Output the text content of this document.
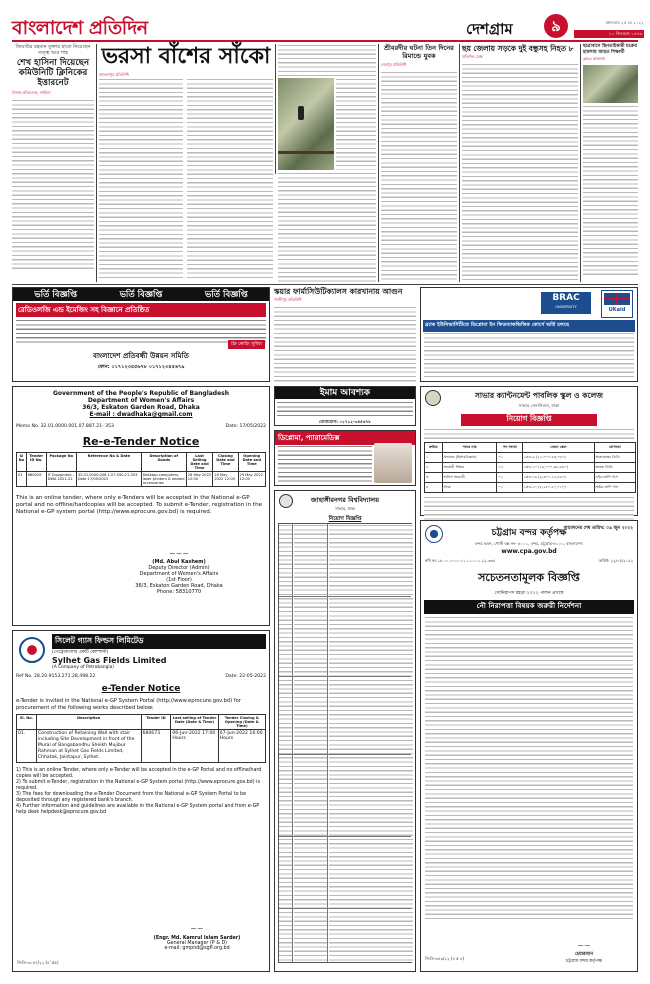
বাংলাদেশ প্রতিদিন	দেশগ্রাম	৯	মঙ্গলবার ২৪ মে ২০২২
১০ জিলহজ ১৪৪৩
জিয়াউর রহমান মুক্তার হাতে নিয়েছেন তত্ত্ব আর শাহ
শেখ হাসিনা দিয়েছেন কমিউনিটি ক্লিনিকের ইত্তারনেট
নিজস্ব প্রতিবেদক, দশমিনা
ভরসা বাঁশের সাঁকো
জামালপুর প্রতিনিধি
শ্রীবরদীর ঘটনা তিন দিনের রিমান্ডে যুবক
শেরপুর প্রতিনিধি
ছয় জেলায় সড়কে দুই বন্ধুসহ নিহত ৮
প্রতিদিন ডেস্ক
ছাত্রাবাসে ছিনতাইকারী চক্রের হামলায় আহত শিক্ষার্থী
কুমিল্লা প্রতিনিধি
ভর্তি বিজ্ঞপ্তি	ভর্তি বিজ্ঞপ্তি	ভর্তি বিজ্ঞপ্তি
রেডিওলজি এন্ড ইমেজিং সহ বিজ্ঞানে প্রতিষ্ঠিত
ফ্রি কোচিং সুবিধা
বাংলাদেশ প্রতিবন্ধী উন্নয়ন সমিতি
ফোন: ০১৭১২৩৪৫৬৭৮ ০১৭১২৩৪৫৬৭৯
স্কয়ার ফার্মাসিউটিক্যালস কারখানায় আগুন
গাজীপুর প্রতিনিধি	BRAC
UNIVERSITY	UKaid
ব্র্যাক ইউনিভার্সিটিতে ডিপ্লোমা ইন ফিডব্যাকভিত্তিক কোর্সে ভর্তি চলছে
Government of the People's Republic of Bangladesh
Department of Women's Affairs
36/3, Eskaton Garden Road, Dhaka
E-mail : dwadhaka@gmail.com
Memo No. 32.01.0000.001.07.887.21- 353	Date: 17/05/2022
Re-e-Tender Notice
Sl No	Tender ID No.	Package No	Reference No & Date	Description of Goods	Last Selling Date and Time	Closing Date and Time	Opening Date and Time
01	680029	IT Equipment -DWA 2021-22	32.01.0000.008.1.07.050.21-353 Date 17/05/2022	Desktop computers, laser printers & related accessories	26 May 2022 12:00	29 May 2022 12:00	29 May 2022 12:00
This is an online tender, where only e-Tenders will be accepted in the National e-GP portal and no offline/hardcopies will be accepted. To submit e-Tender, registration in the National e-GP system portal (http://www.eprocure.gov.bd) is required.
~~~
(Md. Abul Kashem)
Deputy Director (Admin)
Department of Women's Affairs
(1st Floor)
36/3, Eskaton Garden Road, Dhaka
Phone: 58310770
সিলেট গ্যাস ফিল্ডস লিমিটেড
(পেট্রোবাংলার একটি কোম্পানী)
Sylhet Gas Fields Limited
(A Company of Petrobangla)
Ref No. 28.20.9153.271.28.498.22	Date: 22-05-2022
e-Tender Notice
e-Tender is invited in the National e-GP System Portal (http://www.eprocure.gov.bd) for procurement of the following works described below:
Sl. No.	Description	Tender ID	Last selling of Tender Date (Date & Time)	Tender Closing & Opening (Date & Time)
01.	Construction of Retaining Wall with stair including Site Development in front of the Mural of Bangabandhu Sheikh Mujibur Rahman at Sylhet Gas Fields Limited, Chhatak, Jaintapur, Sylhet.	680673	06-Jun-2022 17:00 Hours	07-Jun-2022 16:00 Hours
1) This is an online Tender, where only e-Tender will be accepted in the e-GP Portal and no offline/hard copies will be accepted.
2) To submit e-Tender, registration in the National e-GP System portal (http://www.eprocure.gov.bd) is required.
3) The fees for downloading the e-Tender Document from the National e-GP System Portal to be deposited through any registered bank's branch.
4) Further information and guidelines are available in the National e-GP System portal and from e-GP help desk helpdesk@eprocure.gov.bd
~~
(Engr. Md. Kamrul Islam Sarder)
General Manager (P & D)
e-mail: gmpnd@sgfl.org.bd
জিডি-৩১৫৭/২২ (৪' x৫)
ইমাম আবশ্যক
যোগাযোগ: ০১৭১২-৩৪৫৬৭৮
ডিপ্লোমা, প্যারামেডিক্স
জাহাঙ্গীরনগর বিশ্ববিদ্যালয়
সাভার, ঢাকা
নিয়োগ বিজ্ঞপ্তি
সাভার ক্যান্টনমেন্ট পাবলিক স্কুল ও কলেজ
সাভার সেনানিবাস, ঢাকা
নিয়োগ বিজ্ঞপ্তি
ক্রমিক	পদের নাম	পদ সংখ্যা	বেতন স্কেল	যোগ্যতা
১	প্রভাষক (হিসাববিজ্ঞান)	০১	গ্রেড-৯ (২২,০০০-৫৩,০৬০)	স্নাতকোত্তর ডিগ্রি
২	সহকারী শিক্ষক	০২	গ্রেড-১০ (১৬,০০০-৩৮,৬৪০)	স্নাতক ডিগ্রি
৩	অফিস সহকারী	০১	গ্রেড-১৬ (৯,৩০০-২২,৪৯০)	এইচএসসি পাস
৪	আয়া	০১	গ্রেড-২০ (৮,২৫০-২০,০১০)	অষ্টম শ্রেণি পাস
আবেদনের শেষ তারিখ: ০৯ জুন ২০২২
চট্টগ্রাম বন্দর কর্তৃপক্ষ
বন্দর ভবন, পোস্ট বক্স নং- ৪০০১, বন্দর, চট্টগ্রাম-৪১০০, বাংলাদেশ।
www.cpa.gov.bd
নথি নং-১৮.০০.০০০০.০১.০১.০০১.২২-৩৩৪	তারিখ: ২২/০৫/২০২২
সচেতনতামূলক বিজ্ঞপ্তি
সোনিরাপদ মহড়া ২০২২ পালন প্রসঙ্গে
নৌ নিরাপত্তা বিষয়ক জরুরী নির্দেশনা
~~
চেয়ারম্যান
চট্টগ্রাম বন্দর কর্তৃপক্ষ
জিডি-৩৪৩/২২ (৪ x ৪)
